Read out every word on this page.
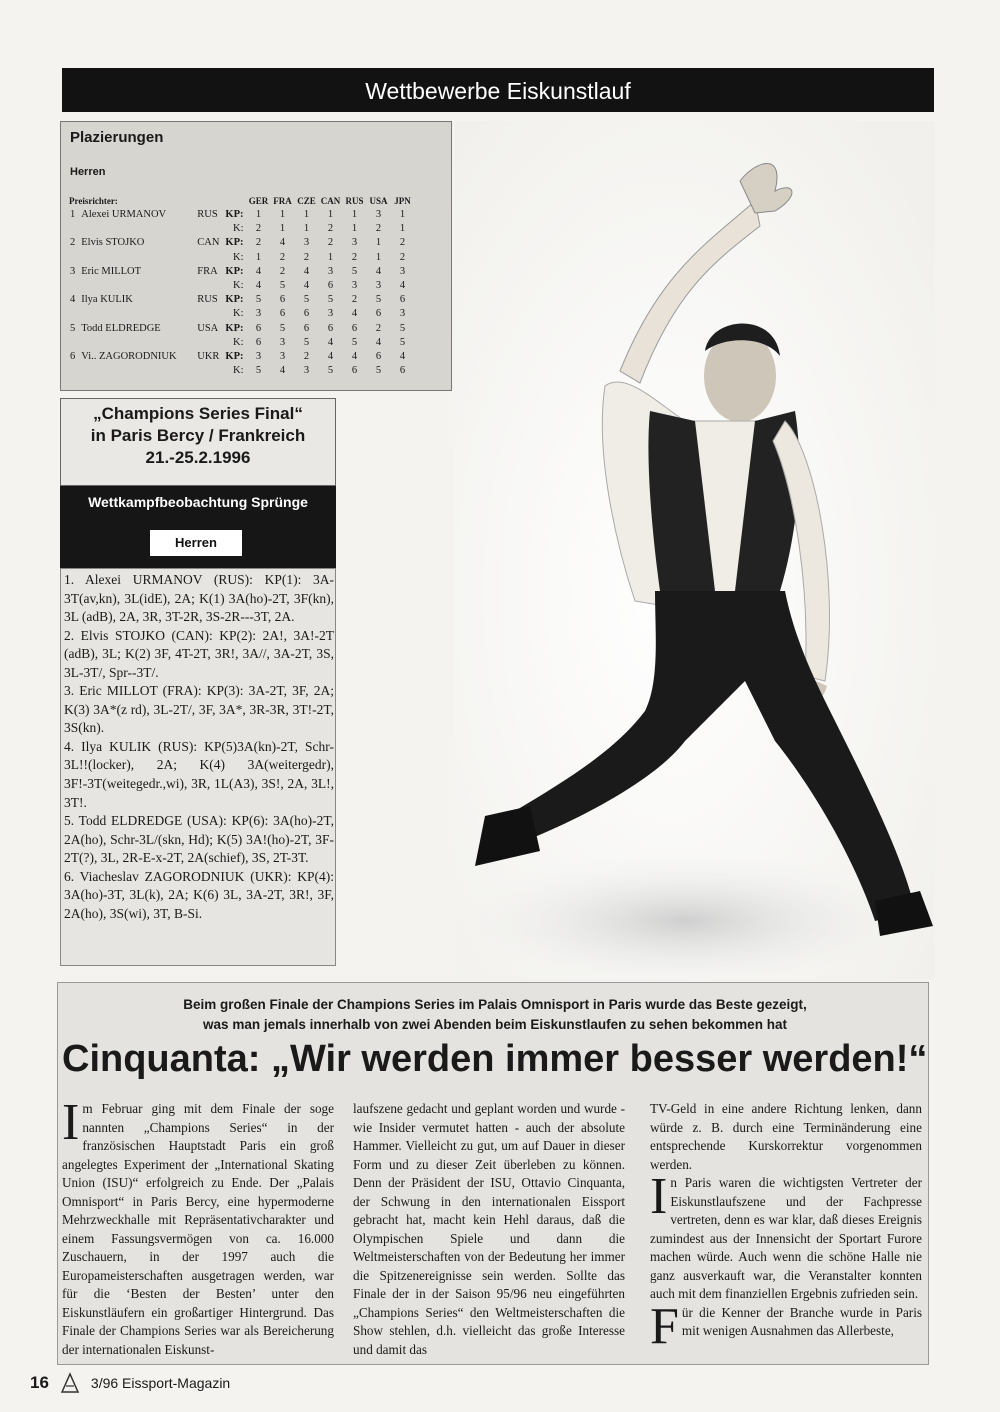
Wettbewerbe Eiskunstlauf
Plazierungen
Herren
Preisrichter:				GER	FRA	CZE	CAN	RUS	USA	JPN
1	Alexei URMANOV	RUS	KP:	1	1	1	1	1	3	1
			K:	2	1	1	2	1	2	1
2	Elvis STOJKO	CAN	KP:	2	4	3	2	3	1	2
			K:	1	2	2	1	2	1	2
3	Eric MILLOT	FRA	KP:	4	2	4	3	5	4	3
			K:	4	5	4	6	3	3	4
4	Ilya KULIK	RUS	KP:	5	6	5	5	2	5	6
			K:	3	6	6	3	4	6	3
5	Todd ELDREDGE	USA	KP:	6	5	6	6	6	2	5
			K:	6	3	5	4	5	4	5
6	Vi.. ZAGORODNIUK	UKR	KP:	3	3	2	4	4	6	4
			K:	5	4	3	5	6	5	6
„Champions Series Final“
in Paris Bercy / Frankreich
21.-25.2.1996
Wettkampfbeobachtung Sprünge
Herren

1. Alexei URMANOV (RUS): KP(1): 3A-3T(av,kn), 3L(idE), 2A; K(1) 3A(ho)-2T, 3F(kn), 3L (adB), 2A, 3R, 3T-2R, 3S-2R---3T, 2A.

2. Elvis STOJKO (CAN): KP(2): 2A!, 3A!-2T (adB), 3L; K(2) 3F, 4T-2T, 3R!, 3A//, 3A-2T, 3S, 3L-3T/, Spr--3T/.

3. Eric MILLOT (FRA): KP(3): 3A-2T, 3F, 2A; K(3) 3A*(z rd), 3L-2T/, 3F, 3A*, 3R-3R, 3T!-2T, 3S(kn).

4. Ilya KULIK (RUS): KP(5)3A(kn)-2T, Schr-3L!!(locker), 2A; K(4) 3A(weitergedr), 3F!-3T(weitegedr.,wi), 3R, 1L(A3), 3S!, 2A, 3L!, 3T!.

5. Todd ELDREDGE (USA): KP(6): 3A(ho)-2T, 2A(ho), Schr-3L/(skn, Hd); K(5) 3A!(ho)-2T, 3F-2T(?), 3L, 2R-E-x-2T, 2A(schief), 3S, 2T-3T.

6. Viacheslav ZAGORODNIUK (UKR): KP(4): 3A(ho)-3T, 3L(k), 2A; K(6) 3L, 3A-2T, 3R!, 3F, 2A(ho), 3S(wi), 3T, B-Si.

Beim großen Finale der Champions Series im Palais Omnisport in Paris wurde das Beste gezeigt,
was man jemals innerhalb von zwei Abenden beim Eiskunstlaufen zu sehen bekommen hat
Cinquanta: „Wir werden immer besser werden!“

Im Februar ging mit dem Finale der soge nannten „Champions Series“ in der französischen Hauptstadt Paris ein groß angelegtes Experiment der „International Skating Union (ISU)“ erfolgreich zu Ende. Der „Palais Omnisport“ in Paris Bercy, eine hypermoderne Mehrzweckhalle mit Repräsentativcharakter und einem Fassungsvermögen von ca. 16.000 Zuschauern, in der 1997 auch die Europameisterschaften ausgetragen werden, war für die ‘Besten der Besten’ unter den Eiskunstläufern ein großartiger Hintergrund. Das Finale der Champions Series war als Bereicherung der internationalen Eiskunst-

laufszene gedacht und geplant worden und wurde - wie Insider vermutet hatten - auch der absolute Hammer. Vielleicht zu gut, um auf Dauer in dieser Form und zu dieser Zeit überleben zu können. Denn der Präsident der ISU, Ottavio Cinquanta, der Schwung in den internationalen Eissport gebracht hat, macht kein Hehl daraus, daß die Olympischen Spiele und dann die Weltmeisterschaften von der Bedeutung her immer die Spitzenereignisse sein werden. Sollte das Finale der in der Saison 95/96 neu eingeführten „Champions Series“ den Weltmeisterschaften die Show stehlen, d.h. vielleicht das große Interesse und damit das

TV-Geld in eine andere Richtung lenken, dann würde z. B. durch eine Terminänderung eine entsprechende Kurskorrektur vorgenommen werden.

In Paris waren die wichtigsten Vertreter der Eiskunstlaufszene und der Fachpresse vertreten, denn es war klar, daß dieses Ereignis zumindest aus der Innensicht der Sportart Furore machen würde. Auch wenn die schöne Halle nie ganz ausverkauft war, die Veranstalter konnten auch mit dem finanziellen Ergebnis zufrieden sein.

Für die Kenner der Branche wurde in Paris mit wenigen Ausnahmen das Allerbeste,

16	3/96 Eissport-Magazin
